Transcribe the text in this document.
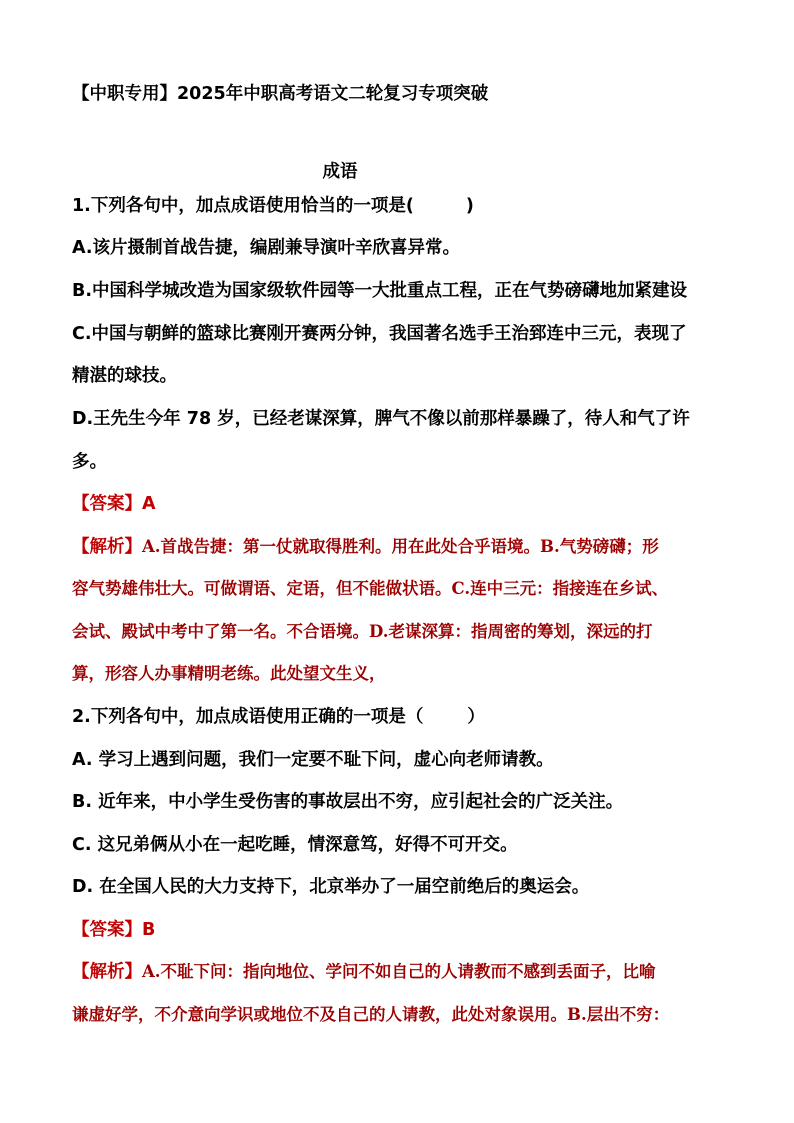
【中职专用】2025年中职高考语文二轮复习专项突破
成语
1.下列各句中，加点成语使用恰当的一项是(	)
A.该片摄制首战告捷，编剧兼导演叶辛欣喜异常。
B.中国科学城改造为国家级软件园等一大批重点工程，正在气势磅礴地加紧建设
C.中国与朝鲜的篮球比赛刚开赛两分钟，我国著名选手王治郅连中三元，表现了
精湛的球技。
D.王先生今年 78 岁，已经老谋深算，脾气不像以前那样暴躁了，待人和气了许
多。
【答案】A
【解析】A.首战告捷：第一仗就取得胜利。用在此处合乎语境。B.气势磅礴；形
容气势雄伟壮大。可做谓语、定语，但不能做状语。C.连中三元：指接连在乡试、
会试、殿试中考中了第一名。不合语境。D.老谋深算：指周密的筹划，深远的打
算，形容人办事精明老练。此处望文生义，
2.下列各句中，加点成语使用正确的一项是（	）
A. 学习上遇到问题，我们一定要不耻下问，虚心向老师请教。
B. 近年来，中小学生受伤害的事故层出不穷，应引起社会的广泛关注。
C. 这兄弟俩从小在一起吃睡，情深意笃，好得不可开交。
D. 在全国人民的大力支持下，北京举办了一届空前绝后的奥运会。
【答案】B
【解析】A.不耻下问：指向地位、学问不如自己的人请教而不感到丢面子，比喻
谦虚好学，不介意向学识或地位不及自己的人请教，此处对象误用。B.层出不穷：
